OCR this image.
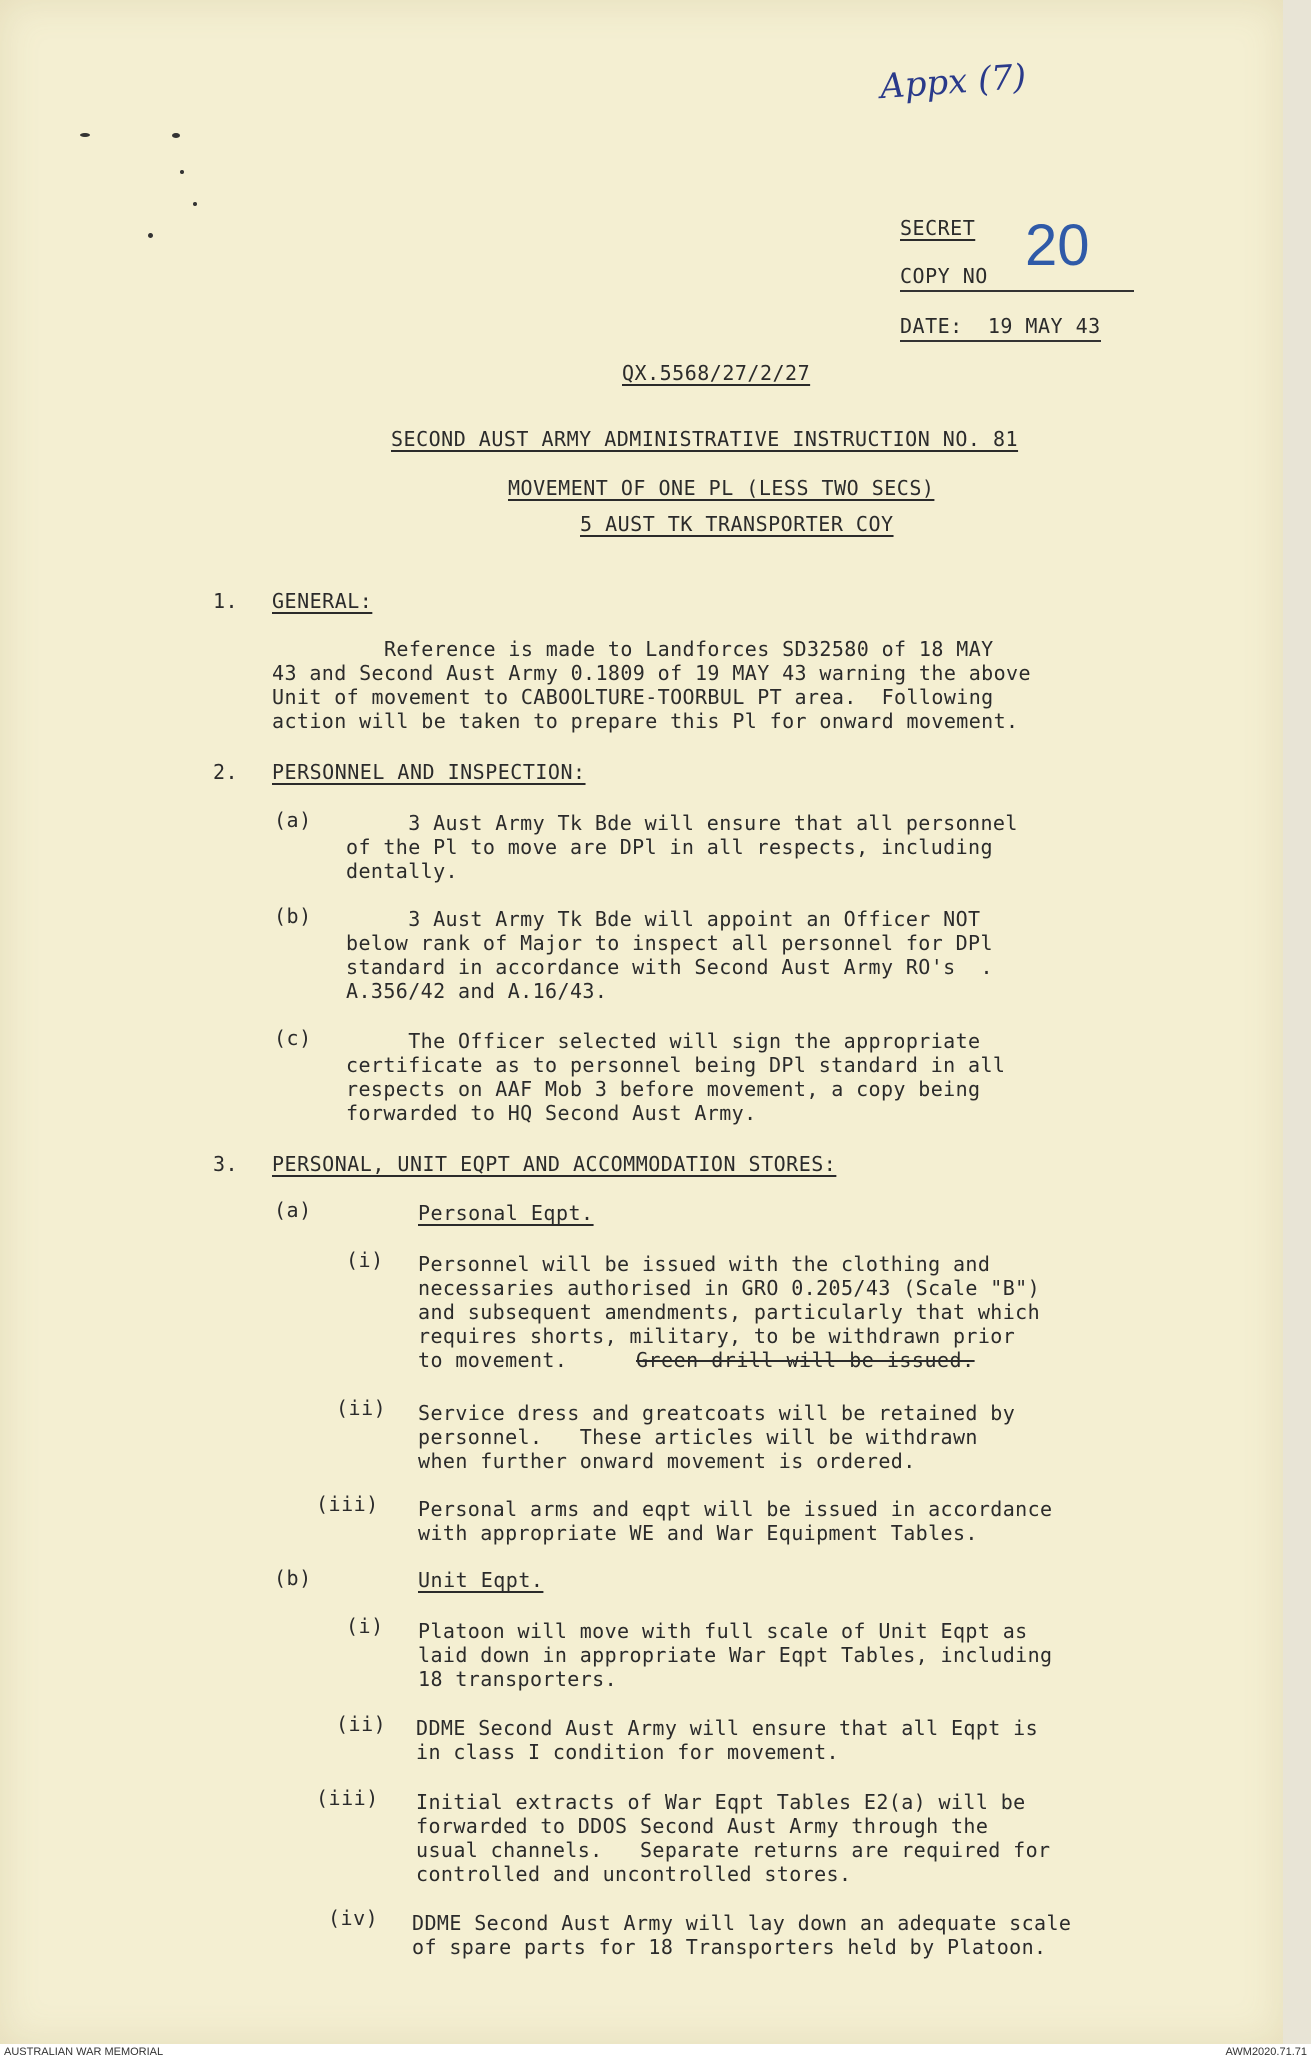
Appx (7)
20
SECRET
COPY NO
DATE: 19 MAY 43
QX.5568/27/2/27
SECOND AUST ARMY ADMINISTRATIVE INSTRUCTION NO. 81
MOVEMENT OF ONE PL (LESS TWO SECS)
5 AUST TK TRANSPORTER COY
1. GENERAL:
Reference is made to Landforces SD32580 of 18 MAY
43 and Second Aust Army 0.1809 of 19 MAY 43 warning the above
Unit of movement to CABOOLTURE-TOORBUL PT area.  Following
action will be taken to prepare this Pl for onward movement.
2. PERSONNEL AND INSPECTION:
(a)	3 Aust Army Tk Bde will ensure that all personnel
of the Pl to move are DPl in all respects, including
dentally.
(b)	3 Aust Army Tk Bde will appoint an Officer NOT
below rank of Major to inspect all personnel for DPl
standard in accordance with Second Aust Army RO's  .
A.356/42 and A.16/43.
(c)	The Officer selected will sign the appropriate
certificate as to personnel being DPl standard in all
respects on AAF Mob 3 before movement, a copy being
forwarded to HQ Second Aust Army.
3. PERSONAL, UNIT EQPT AND ACCOMMODATION STORES:
(a)	Personal Eqpt.
(i) Personnel will be issued with the clothing and
necessaries authorised in GRO 0.205/43 (Scale "B")
and subsequent amendments, particularly that which
requires shorts, military, to be withdrawn prior
to movement.	Green drill will be issued.
(ii) Service dress and greatcoats will be retained by
personnel.   These articles will be withdrawn
when further onward movement is ordered.
(iii) Personal arms and eqpt will be issued in accordance
with appropriate WE and War Equipment Tables.
(b)	Unit Eqpt.
(i) Platoon will move with full scale of Unit Eqpt as
laid down in appropriate War Eqpt Tables, including
18 transporters.
(ii) DDME Second Aust Army will ensure that all Eqpt is
in class I condition for movement.
(iii) Initial extracts of War Eqpt Tables E2(a) will be
forwarded to DDOS Second Aust Army through the
usual channels.   Separate returns are required for
controlled and uncontrolled stores.
(iv) DDME Second Aust Army will lay down an adequate scale
of spare parts for 18 Transporters held by Platoon.
AUSTRALIAN WAR MEMORIAL	AWM2020.71.71
